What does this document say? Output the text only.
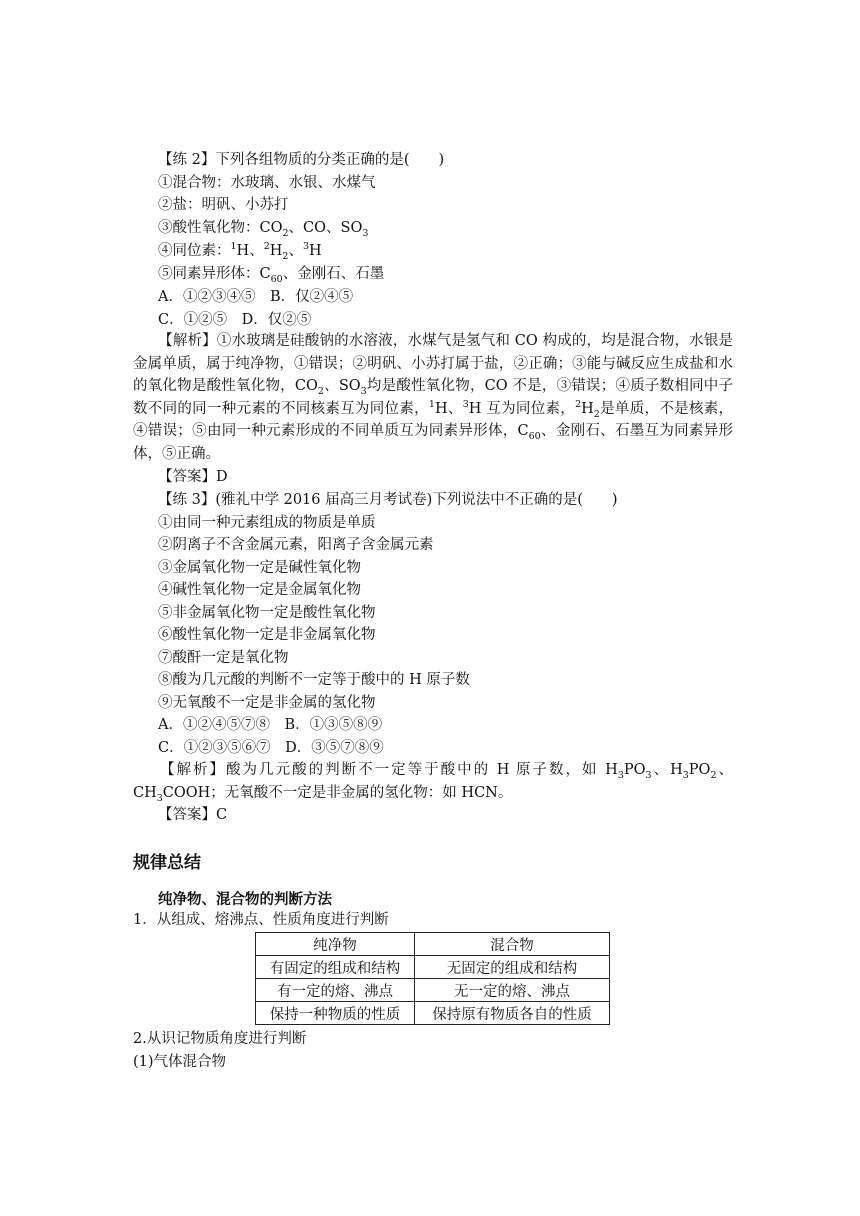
【练 2】下列各组物质的分类正确的是(　　)
①混合物：水玻璃、水银、水煤气
②盐：明矾、小苏打
③酸性氧化物：$CO_2$、CO、$SO_3$
④同位素：$^1$H、$^2H_2$、$^3$H
⑤同素异形体：$C_{60}$、金刚石、石墨
A．①②③④⑤　B．仅②④⑤
C．①②⑤　D．仅②⑤
【解析】①水玻璃是硅酸钠的水溶液，水煤气是氢气和 CO 构成的，均是混合物，水银是金属单质，属于纯净物，①错误；②明矾、小苏打属于盐，②正确；③能与碱反应生成盐和水的氧化物是酸性氧化物，$CO_2$、$SO_3$均是酸性氧化物，CO 不是，③错误；④质子数相同中子数不同的同一种元素的不同核素互为同位素，$^1$H、$^3$H 互为同位素，$^2H_2$是单质，不是核素，④错误；⑤由同一种元素形成的不同单质互为同素异形体，$C_{60}$、金刚石、石墨互为同素异形体，⑤正确。
【答案】D
【练 3】(雅礼中学 2016 届高三月考试卷)下列说法中不正确的是(　　)
①由同一种元素组成的物质是单质
②阴离子不含金属元素，阳离子含金属元素
③金属氧化物一定是碱性氧化物
④碱性氧化物一定是金属氧化物
⑤非金属氧化物一定是酸性氧化物
⑥酸性氧化物一定是非金属氧化物
⑦酸酐一定是氧化物
⑧酸为几元酸的判断不一定等于酸中的 H 原子数
⑨无氧酸不一定是非金属的氢化物
A．①②④⑤⑦⑧　B．①③⑤⑧⑨
C．①②③⑤⑥⑦　D．③⑤⑦⑧⑨
【解析】酸为几元酸的判断不一定等于酸中的 H 原子数，如 $H_3PO_3$、$H_3PO_2$、$CH_3COOH$；无氧酸不一定是非金属的氢化物：如 HCN。
【答案】C
规律总结
纯净物、混合物的判断方法
1．从组成、熔沸点、性质角度进行判断
纯净物	混合物
有固定的组成和结构	无固定的组成和结构
有一定的熔、沸点	无一定的熔、沸点
保持一种物质的性质	保持原有物质各自的性质
2.从识记物质角度进行判断
(1)气体混合物
